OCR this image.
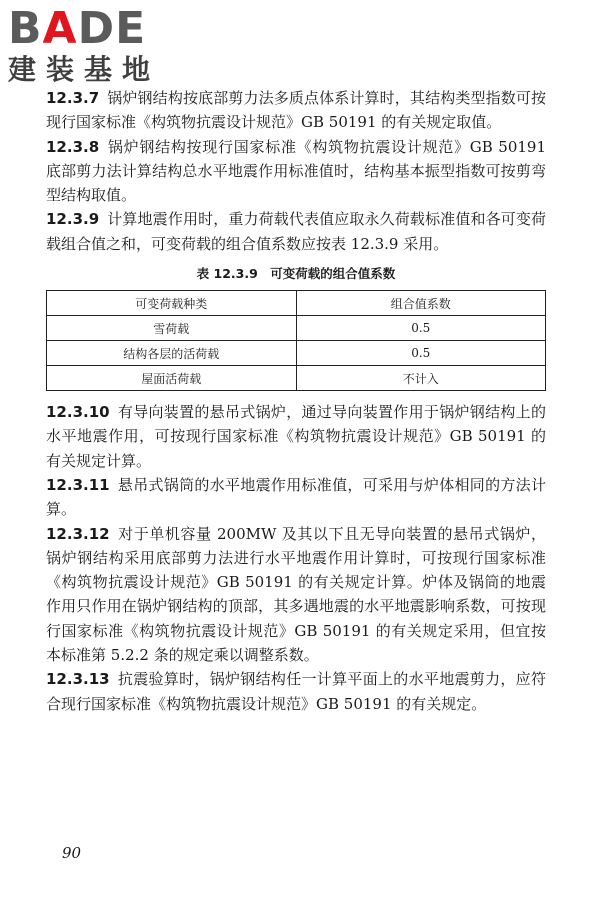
BADE
建装基地

12.3.7 锅炉钢结构按底部剪力法多质点体系计算时，其结构类型指数可按现行国家标准《构筑物抗震设计规范》GB 50191 的有关规定取值。

12.3.8 锅炉钢结构按现行国家标准《构筑物抗震设计规范》GB 50191 底部剪力法计算结构总水平地震作用标准值时，结构基本振型指数可按剪弯型结构取值。

12.3.9 计算地震作用时，重力荷载代表值应取永久荷载标准值和各可变荷载组合值之和，可变荷载的组合值系数应按表 12.3.9 采用。

表 12.3.9　可变荷载的组合值系数
可变荷载种类	组合值系数
雪荷载	0.5
结构各层的活荷载	0.5
屋面活荷载	不计入

12.3.10 有导向装置的悬吊式锅炉，通过导向装置作用于锅炉钢结构上的水平地震作用，可按现行国家标准《构筑物抗震设计规范》GB 50191 的有关规定计算。

12.3.11 悬吊式锅筒的水平地震作用标准值，可采用与炉体相同的方法计算。

12.3.12 对于单机容量 200MW 及其以下且无导向装置的悬吊式锅炉，锅炉钢结构采用底部剪力法进行水平地震作用计算时，可按现行国家标准《构筑物抗震设计规范》GB 50191 的有关规定计算。炉体及锅筒的地震作用只作用在锅炉钢结构的顶部，其多遇地震的水平地震影响系数，可按现行国家标准《构筑物抗震设计规范》GB 50191 的有关规定采用，但宜按本标准第 5.2.2 条的规定乘以调整系数。

12.3.13 抗震验算时，锅炉钢结构任一计算平面上的水平地震剪力，应符合现行国家标准《构筑物抗震设计规范》GB 50191 的有关规定。

90
